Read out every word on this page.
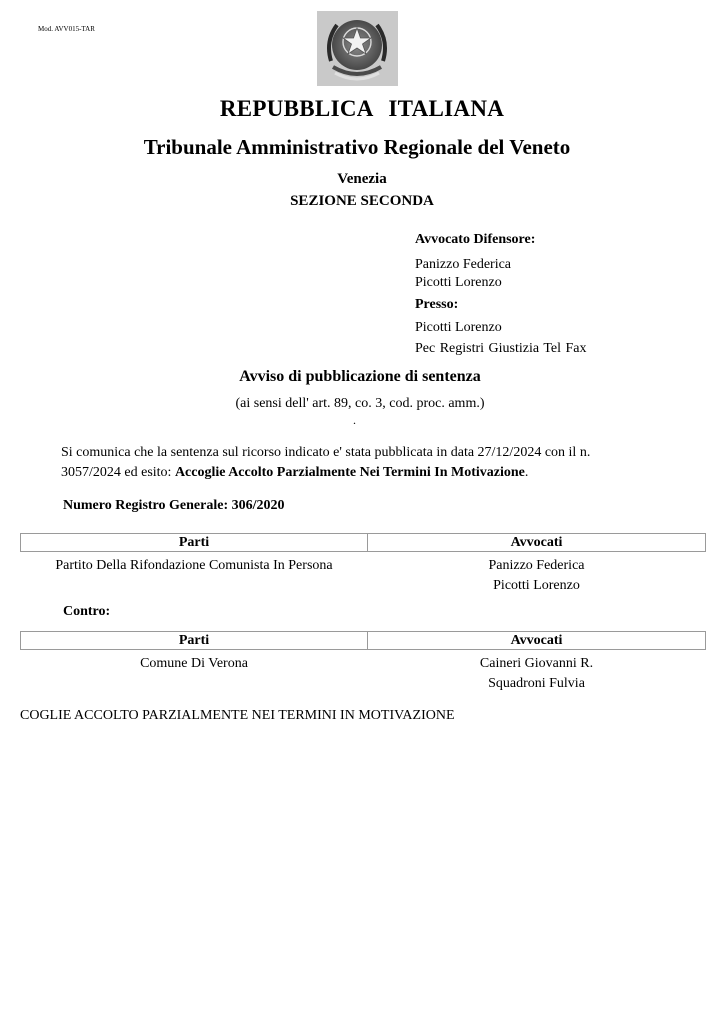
Mod. AVV015-TAR
REPUBBLICA ITALIANA
Tribunale Amministrativo Regionale del Veneto
Venezia
SEZIONE SECONDA
Avvocato Difensore:
Panizzo Federica
Picotti Lorenzo
Presso:
Picotti Lorenzo
Pec Registri Giustizia Tel Fax
Avviso di pubblicazione di sentenza
(ai sensi dell' art. 89, co. 3, cod. proc. amm.)
.
Si comunica che la sentenza sul ricorso indicato e' stata pubblicata in data 27/12/2024 con il n. 3057/2024 ed esito: Accoglie Accolto Parzialmente Nei Termini In Motivazione.
Numero Registro Generale: 306/2020
Parti	Avvocati
Partito Della Rifondazione Comunista In Persona	Panizzo Federica
Picotti Lorenzo
Contro:
Parti	Avvocati
Comune Di Verona	Caineri Giovanni R.
Squadroni Fulvia
COGLIE ACCOLTO PARZIALMENTE NEI TERMINI IN MOTIVAZIONE
